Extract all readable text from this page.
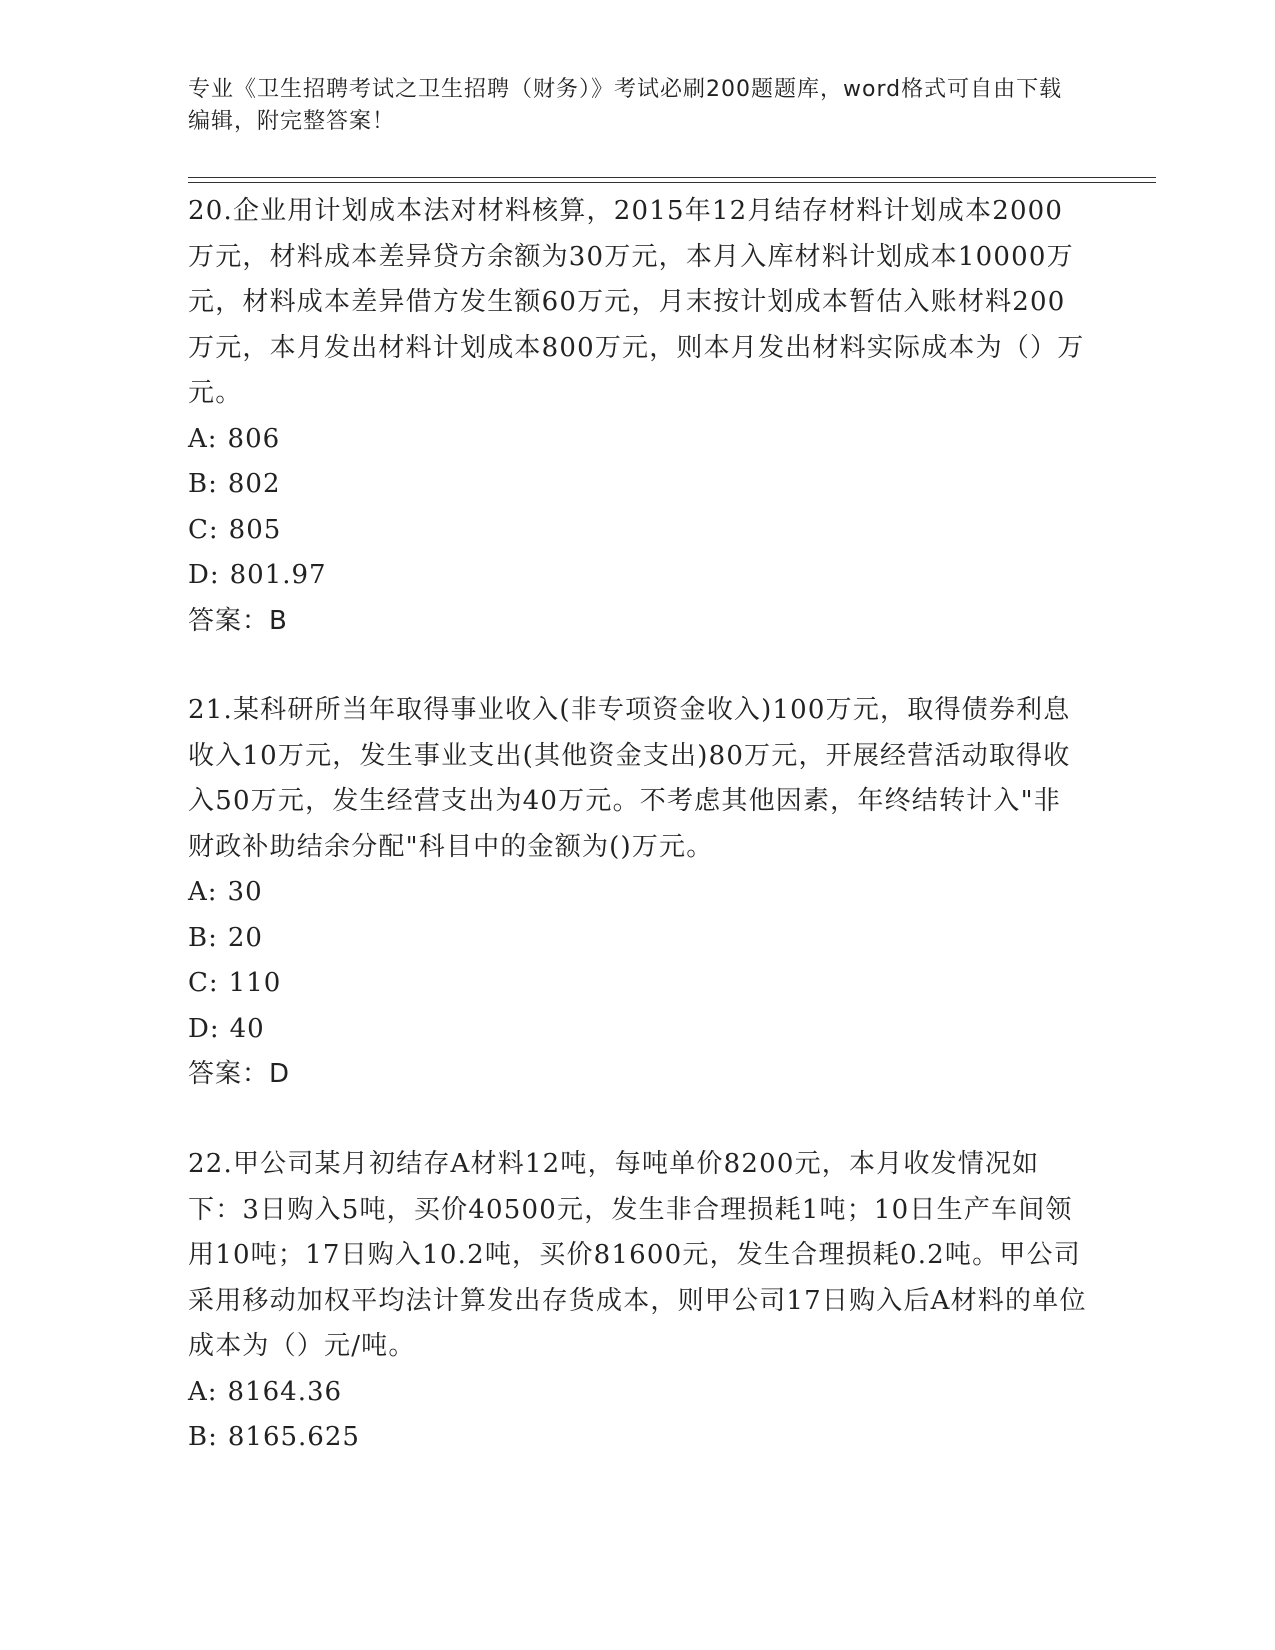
专业《卫生招聘考试之卫生招聘（财务）》考试必刷200题题库，word格式可自由下载编辑，附完整答案！

20.企业用计划成本法对材料核算，2015年12月结存材料计划成本2000万元，材料成本差异贷方余额为30万元，本月入库材料计划成本10000万元，材料成本差异借方发生额60万元，月末按计划成本暂估入账材料200万元，本月发出材料计划成本800万元，则本月发出材料实际成本为（）万元。

A: 806

B: 802

C: 805

D: 801.97

答案：B

21.某科研所当年取得事业收入(非专项资金收入)100万元，取得债券利息收入10万元，发生事业支出(其他资金支出)80万元，开展经营活动取得收入50万元，发生经营支出为40万元。不考虑其他因素，年终结转计入"非财政补助结余分配"科目中的金额为()万元。

A: 30

B: 20

C: 110

D: 40

答案：D

22.甲公司某月初结存A材料12吨，每吨单价8200元，本月收发情况如下：3日购入5吨，买价40500元，发生非合理损耗1吨；10日生产车间领用10吨；17日购入10.2吨，买价81600元，发生合理损耗0.2吨。甲公司采用移动加权平均法计算发出存货成本，则甲公司17日购入后A材料的单位成本为（）元/吨。

A: 8164.36

B: 8165.625
